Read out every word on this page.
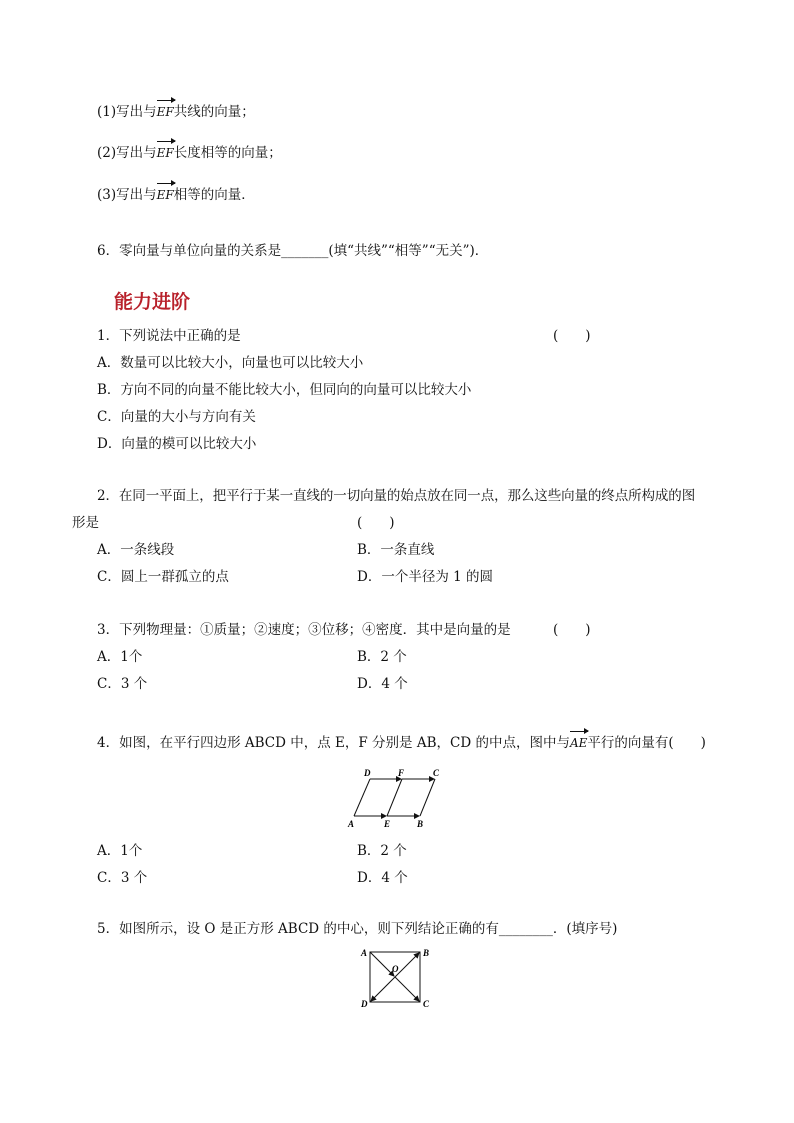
(1)写出与EF共线的向量；
(2)写出与EF长度相等的向量；
(3)写出与EF相等的向量．
6．零向量与单位向量的关系是_______(填“共线”“相等”“无关”)．
能力进阶
1．下列说法中正确的是	(　　)
A．数量可以比较大小，向量也可以比较大小
B．方向不同的向量不能比较大小，但同向的向量可以比较大小
C．向量的大小与方向有关
D．向量的模可以比较大小
2．在同一平面上，把平行于某一直线的一切向量的始点放在同一点，那么这些向量的终点所构成的图
形是	(　　)
A．一条线段	B．一条直线
C．圆上一群孤立的点	D．一个半径为 1 的圆
3．下列物理量：①质量；②速度；③位移；④密度．其中是向量的是	(　　)
A．1个	B．2 个
C．3 个	D．4 个
4．如图，在平行四边形 ABCD 中，点 E，F 分别是 AB，CD 的中点，图中与AE平行的向量有(　　)
D	F	C
A	E	B
A．1个	B．2 个
C．3 个	D．4 个
5．如图所示，设 O 是正方形 ABCD 的中心，则下列结论正确的有________．(填序号)
A	B
O
D	C
